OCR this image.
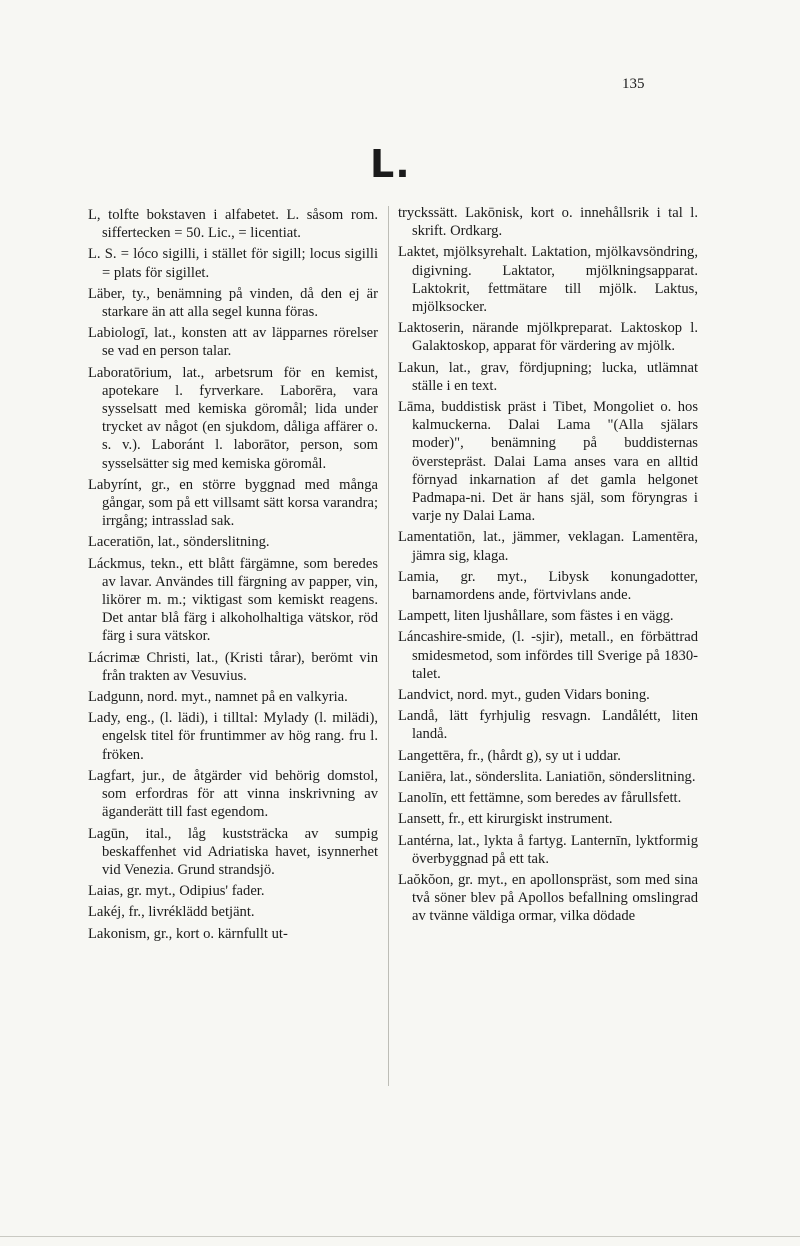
135
L.

L, tolfte bokstaven i alfabetet. L. såsom rom. siffertecken = 50. Lic., = licentiat.

L. S. = lóco sigilli, i stället för sigill; locus sigilli = plats för sigillet.

Läber, ty., benämning på vinden, då den ej är starkare än att alla segel kunna föras.

Labiologī, lat., konsten att av läpparnes rörelser se vad en person talar.

Laboratōrium, lat., arbetsrum för en kemist, apotekare l. fyrverkare. Laborēra, vara sysselsatt med kemiska göromål; lida under trycket av något (en sjukdom, dåliga affärer o. s. v.). Laboránt l. laborātor, person, som sysselsätter sig med kemiska göromål.

Labyrínt, gr., en större byggnad med många gångar, som på ett villsamt sätt korsa varandra; irrgång; intrasslad sak.

Laceratiōn, lat., sönderslitning.

Láckmus, tekn., ett blått färgämne, som beredes av lavar. Användes till färgning av papper, vin, likörer m. m.; viktigast som kemiskt reagens. Det antar blå färg i alkoholhaltiga vätskor, röd färg i sura vätskor.

Lácrimæ Christi, lat., (Kristi tårar), berömt vin från trakten av Vesuvius.

Ladgunn, nord. myt., namnet på en valkyria.

Lady, eng., (l. lädi), i tilltal: Mylady (l. milädi), engelsk titel för fruntimmer av hög rang. fru l. fröken.

Lagfart, jur., de åtgärder vid behörig domstol, som erfordras för att vinna inskrivning av äganderätt till fast egendom.

Lagūn, ital., låg kuststräcka av sumpig beskaffenhet vid Adriatiska havet, isynnerhet vid Venezia. Grund strandsjö.

Laias, gr. myt., Odipius' fader.

Lakéj, fr., livréklädd betjänt.

Lakonism, gr., kort o. kärnfullt ut-

tryckssätt. Lakōnisk, kort o. innehållsrik i tal l. skrift. Ordkarg.

Laktet, mjölksyrehalt. Laktation, mjölkavsöndring, digivning. Laktator, mjölkningsapparat. Laktokrit, fettmätare till mjölk. Laktus, mjölksocker.

Laktoserin, närande mjölkpreparat. Laktoskop l. Galaktoskop, apparat för värdering av mjölk.

Lakun, lat., grav, fördjupning; lucka, utlämnat ställe i en text.

Lāma, buddistisk präst i Tibet, Mongoliet o. hos kalmuckerna. Dalai Lama "(Alla själars moder)", benämning på buddisternas överstepräst. Dalai Lama anses vara en alltid förnyad inkarnation af det gamla helgonet Padmapa-ni. Det är hans själ, som föryngras i varje ny Dalai Lama.

Lamentatiōn, lat., jämmer, veklagan. Lamentēra, jämra sig, klaga.

Lamia, gr. myt., Libysk konungadotter, barnamordens ande, förtvivlans ande.

Lampett, liten ljushållare, som fästes i en vägg.

Láncashire-smide, (l. -sjir), metall., en förbättrad smidesmetod, som infördes till Sverige på 1830-talet.

Landvict, nord. myt., guden Vidars boning.

Landå, lätt fyrhjulig resvagn. Landålétt, liten landå.

Langettēra, fr., (hårdt g), sy ut i uddar.

Laniēra, lat., sönderslita. Laniatiōn, sönderslitning.

Lanolīn, ett fettämne, som beredes av fårullsfett.

Lansett, fr., ett kirurgiskt instrument.

Lantérna, lat., lykta å fartyg. Lanternīn, lyktformig överbyggnad på ett tak.

Laŏkŏon, gr. myt., en apollonspräst, som med sina två söner blev på Apollos befallning omslingrad av tvänne väldiga ormar, vilka dödade
